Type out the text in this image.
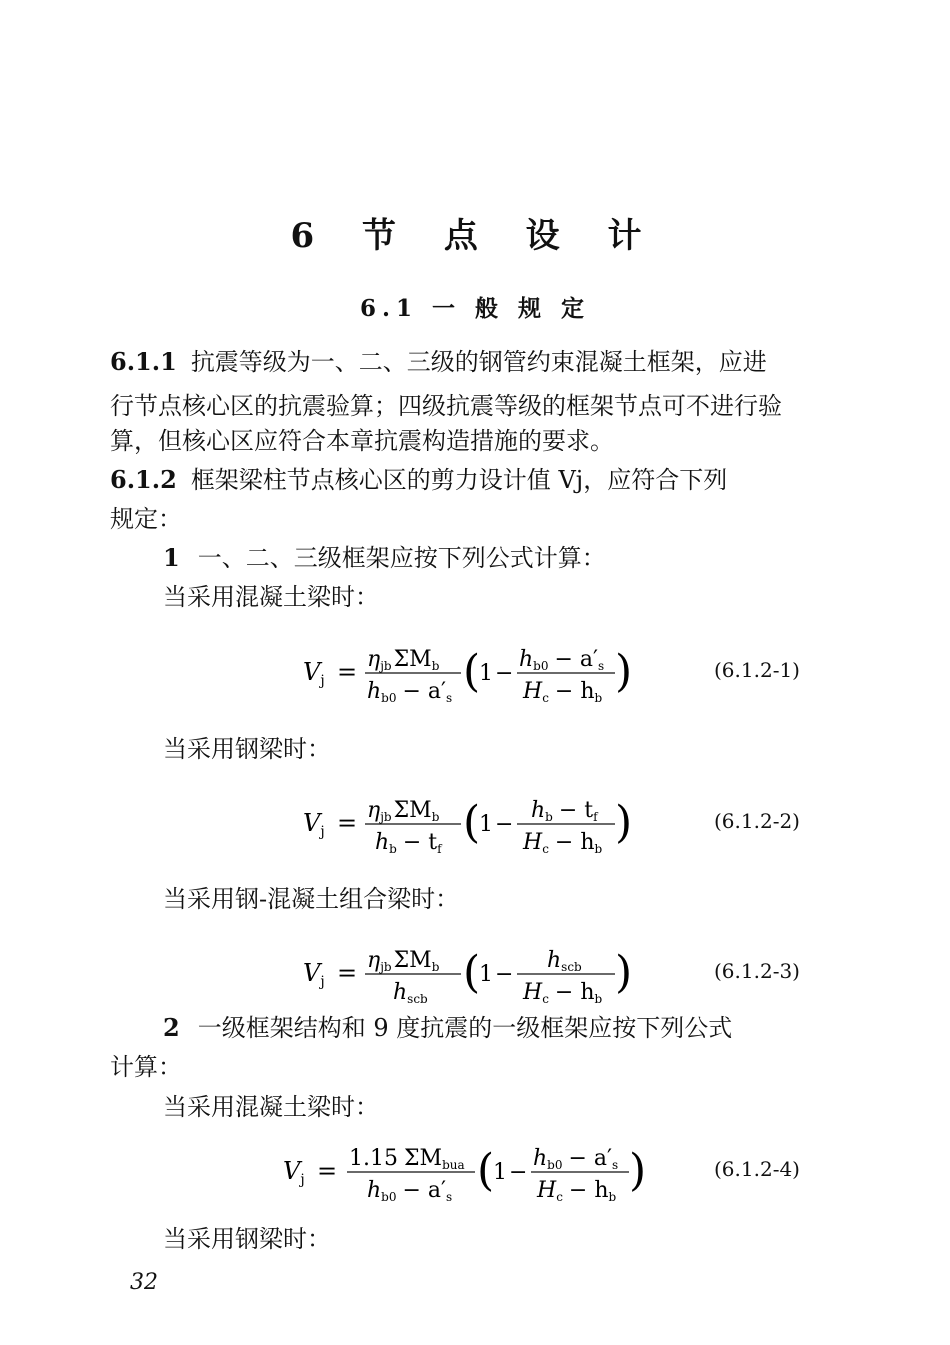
6 节 点 设 计
6.1 一 般 规 定
6.1.1 抗震等级为一、二、三级的钢管约束混凝土框架，应进
行节点核心区的抗震验算；四级抗震等级的框架节点可不进行验
算，但核心区应符合本章抗震构造措施的要求。
6.1.2 框架梁柱节点核心区的剪力设计值 Vj，应符合下列
规定：
1 一、二、三级框架应按下列公式计算：
当采用混凝土梁时：
$V_j = \eta jb\Sigma Mb$
hb0 − a′s
(
1 −
hb0 − a′s
Hc − hb
)	(6.1.2-1)
当采用钢梁时：
$V_j = \eta jb\Sigma Mb$
hb − tf
(
1 −
hb − tf
Hc − hb
)	(6.1.2-2)
当采用钢-混凝土组合梁时：
$V_j = \eta jb\Sigma Mb$
hscb
(
1 −
hscb
Hc − hb
)	(6.1.2-3)
2 一级框架结构和 9 度抗震的一级框架应按下列公式
计算：
当采用混凝土梁时：
$V_j = 1.15$ ΣMbua
hb0 − a′s
(
1 −
hb0 − a′s
Hc − hb
)	(6.1.2-4)
当采用钢梁时：
32
